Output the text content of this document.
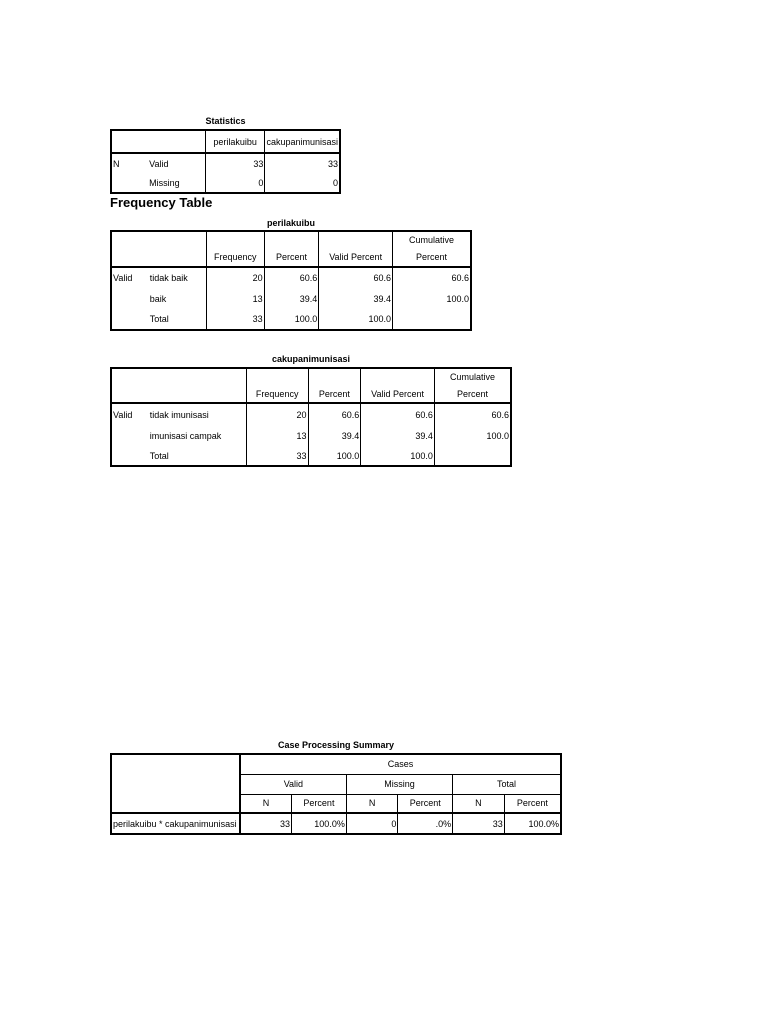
Statistics
		perilakuibu	cakupanimunisasi
N	Valid	33	33
	Missing	0	0
Frequency Table
perilakuibu
					Cumulative
		Frequency	Percent	Valid Percent	Percent
Valid	tidak baik	20	60.6	60.6	60.6
	baik	13	39.4	39.4	100.0
	Total	33	100.0	100.0	
cakupanimunisasi
					Cumulative
		Frequency	Percent	Valid Percent	Percent
Valid	tidak imunisasi	20	60.6	60.6	60.6
	imunisasi campak	13	39.4	39.4	100.0
	Total	33	100.0	100.0	
Case Processing Summary
	Cases					
	Valid		Missing		Total	
	N	Percent	N	Percent	N	Percent
perilakuibu * cakupanimunisasi	33	100.0%	0	.0%	33	100.0%
